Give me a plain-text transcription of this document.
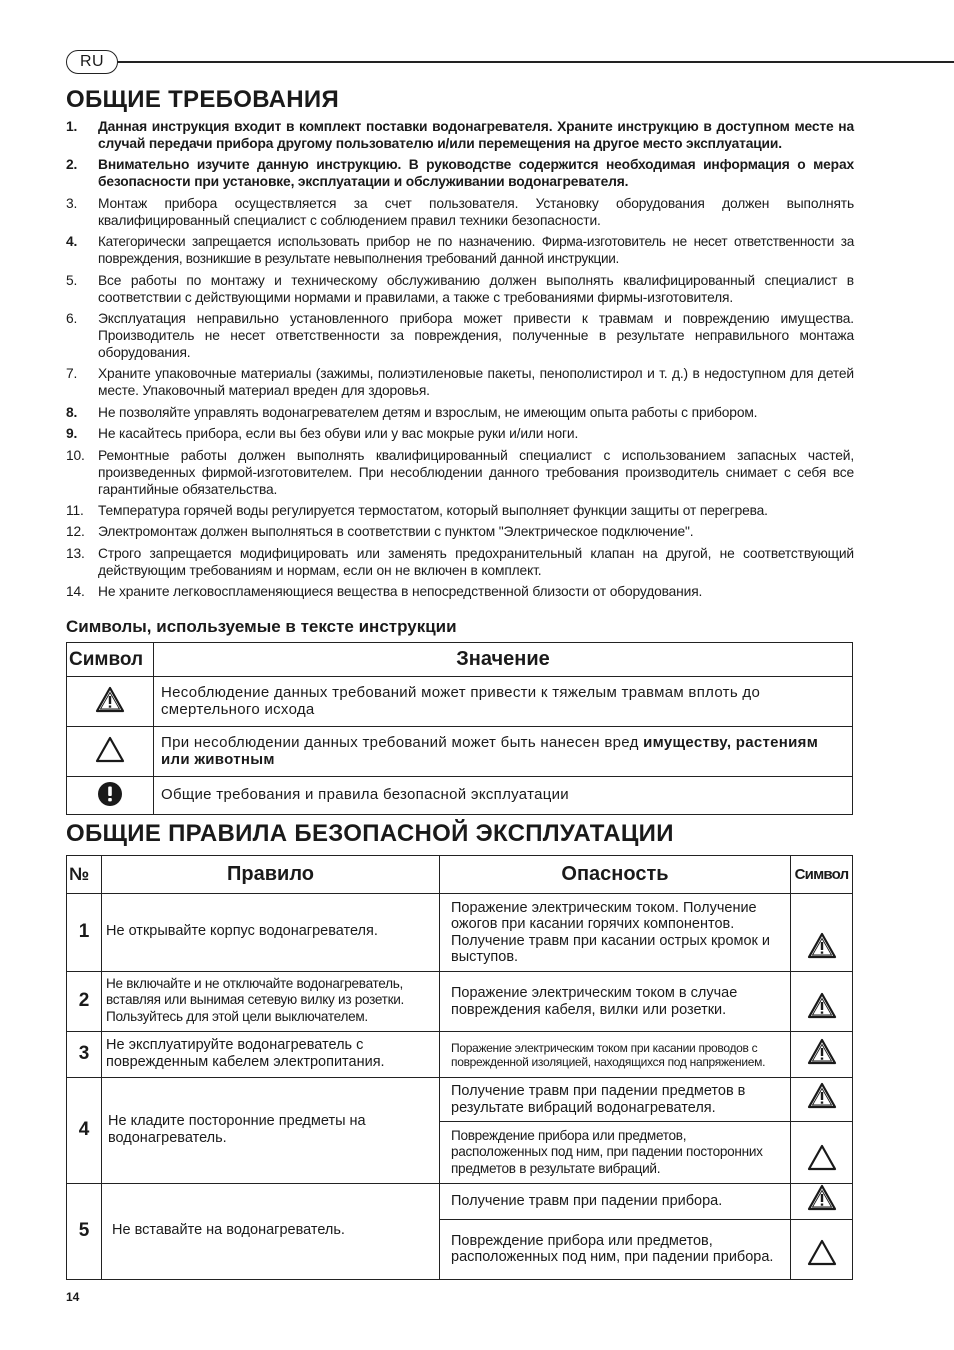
RU
ОБЩИЕ ТРЕБОВАНИЯ
1.	Данная инструкция входит в комплект поставки водонагревателя. Храните инструкцию в доступном месте на случай передачи прибора другому пользователю и/или перемещения на другое место эксплуатации.
2.	Внимательно изучите данную инструкцию. В руководстве содержится необходимая информация о мерах безопасности при установке, эксплуатации и обслуживании водонагревателя.
3.	Монтаж прибора осуществляется за счет пользователя. Установку оборудования должен выполнять квалифицированный специалист с соблюдением правил техники безопасности.
4.	Категорически запрещается использовать прибор не по назначению. Фирма-изготовитель не несет ответственности за повреждения, возникшие в результате невыполнения требований данной инструкции.
5.	Все работы по монтажу и техническому обслуживанию должен выполнять квалифицированный специалист в соответствии с действующими нормами и правилами, а также с требованиями фирмы-изготовителя.
6.	Эксплуатация неправильно установленного прибора может привести к травмам и повреждению имущества. Производитель не несет ответственности за повреждения, полученные в результате неправильного монтажа оборудования.
7.	Храните упаковочные материалы (зажимы, полиэтиленовые пакеты, пенополистирол и т. д.) в недоступном для детей месте. Упаковочный материал вреден для здоровья.
8.	Не позволяйте управлять водонагревателем детям и взрослым, не имеющим опыта работы с прибором.
9.	Не касайтесь прибора, если вы без обуви или у вас мокрые руки и/или ноги.
10. Ремонтные работы должен выполнять квалифицированный специалист с использованием запасных частей, произведенных фирмой-изготовителем. При несоблюдении данного требования производитель снимает с себя все гарантийные обязательства.
11.	Температура горячей воды регулируется термостатом, который выполняет функции защиты от перегрева.
12. Электромонтаж должен выполняться в соответствии с пунктом "Электрическое подключение".
13. Строго запрещается модифицировать или заменять предохранительный клапан на другой, не соответствующий действующим требованиям и нормам, если он не включен в комплект.
14. Не храните легковоспламеняющиеся вещества в непосредственной близости от оборудования.
Символы, используемые в тексте инструкции
Символ	Значение
	Несоблюдение данных требований может привести к тяжелым травмам вплоть до смертельного исхода
	При несоблюдении данных требований может быть нанесен вред имуществу, растениям или животным
	Общие требования и правила безопасной эксплуатации
ОБЩИЕ ПРАВИЛА БЕЗОПАСНОЙ ЭКСПЛУАТАЦИИ
№	Правило	Опасность	Символ
1	Не открывайте корпус водонагревателя.	Поражение электрическим током. Получение ожогов при касании горячих компонентов. Получение травм при касании острых кромок и выступов.	
2	Не включайте и не отключайте водонагреватель, вставляя или вынимая сетевую вилку из розетки. Пользуйтесь для этой цели выключателем.	Поражение электрическим током в случае повреждения кабеля, вилки или розетки.	
3	Не эксплуатируйте водонагреватель с поврежденным кабелем электропитания.	Поражение электрическим током при касании проводов с поврежденной изоляцией, находящихся под напряжением.	
4	Не кладите посторонние предметы на водонагреватель.	Получение травм при падении предметов в результате вибраций водонагревателя.	
		Повреждение прибора или предметов, расположенных под ним, при падении посторонних предметов в результате вибраций.	
5	Не вставайте на водонагреватель.	Получение травм при падении прибора.	
		Повреждение прибора или предметов, расположенных под ним, при падении прибора.	
14
